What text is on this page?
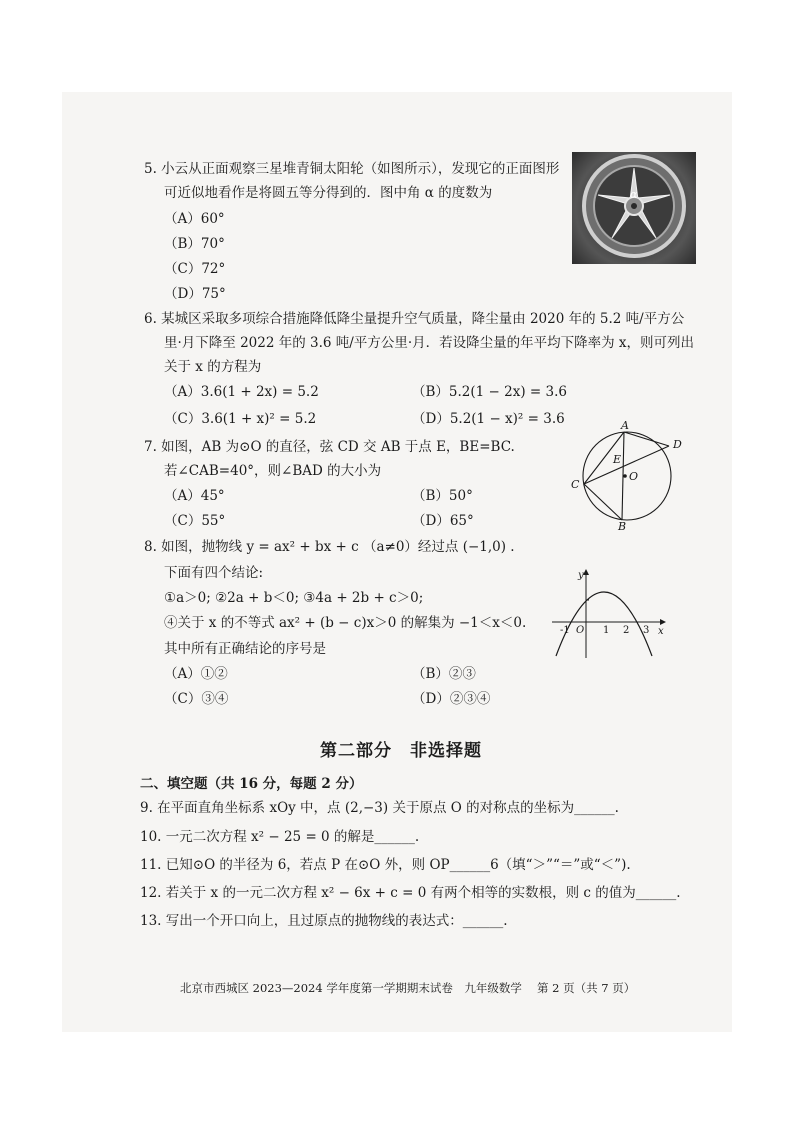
5. 小云从正面观察三星堆青铜太阳轮（如图所示），发现它的正面图形
可近似地看作是将圆五等分得到的．图中角 α 的度数为
（A）60°
（B）70°
（C）72°
（D）75°
α
6. 某城区采取多项综合措施降低降尘量提升空气质量，降尘量由 2020 年的 5.2 吨/平方公
里·月下降至 2022 年的 3.6 吨/平方公里·月．若设降尘量的年平均下降率为 x，则可列出
关于 x 的方程为
（A）3.6(1 + 2x) = 5.2	（B）5.2(1 − 2x) = 3.6
（C）3.6(1 + x)² = 5.2	（D）5.2(1 − x)² = 3.6
7. 如图，AB 为⊙O 的直径，弦 CD 交 AB 于点 E，BE=BC.
若∠CAB=40°，则∠BAD 的大小为
（A）45°	（B）50°
（C）55°	（D）65°
A
B
C
D
E
O
8. 如图，抛物线 y = ax² + bx + c （a≠0）经过点 (−1,0) .
下面有四个结论:
①a＞0; ②2a + b＜0; ③4a + 2b + c＞0;
④关于 x 的不等式 ax² + (b − c)x＞0 的解集为 −1＜x＜0.
其中所有正确结论的序号是
（A）①②	（B）②③
（C）③④	（D）②③④
y
x
O
-1	1 2 3
第二部分　非选择题
二、填空题（共 16 分，每题 2 分）
9. 在平面直角坐标系 xOy 中，点 (2,−3) 关于原点 O 的对称点的坐标为______.
10. 一元二次方程 x² − 25 = 0 的解是______.
11. 已知⊙O 的半径为 6，若点 P 在⊙O 外，则 OP______6（填“＞”“＝”或“＜”).
12. 若关于 x 的一元二次方程 x² − 6x + c = 0 有两个相等的实数根，则 c 的值为______.
13. 写出一个开口向上，且过原点的抛物线的表达式：______.
北京市西城区 2023—2024 学年度第一学期期末试卷　九年级数学　 第 2 页（共 7 页）
